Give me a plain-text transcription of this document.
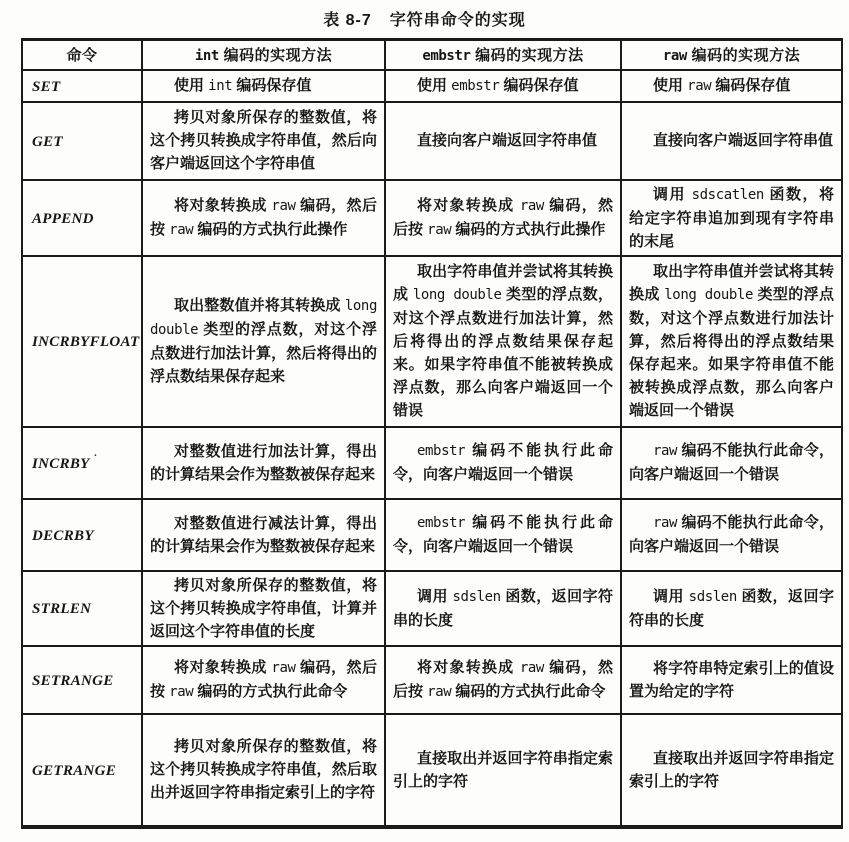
表 8-7 字符串命令的实现
命令	int 编码的实现方法	embstr 编码的实现方法	raw 编码的实现方法
SET	使用 int 编码保存值	使用 embstr 编码保存值	使用 raw 编码保存值

GET	拷贝对象所保存的整数值，将这个拷贝转换成字符串值，然后向客户端返回这个字符串值	直接向客户端返回字符串值	直接向客户端返回字符串值

APPEND	将对象转换成 raw 编码，然后按 raw 编码的方式执行此操作	将对象转换成 raw 编码，然后按 raw 编码的方式执行此操作	调用 sdscatlen 函数，将给定字符串追加到现有字符串的末尾

INCRBYFLOAT	取出整数值并将其转换成 long double 类型的浮点数，对这个浮点数进行加法计算，然后将得出的浮点数结果保存起来	取出字符串值并尝试将其转换成 long double 类型的浮点数，对这个浮点数进行加法计算，然后将得出的浮点数结果保存起来。如果字符串值不能被转换成浮点数，那么向客户端返回一个错误	取出字符串值并尝试将其转换成 long double 类型的浮点数，对这个浮点数进行加法计算，然后将得出的浮点数结果保存起来。如果字符串值不能被转换成浮点数，那么向客户端返回一个错误

INCRBY ˙	对整数值进行加法计算，得出的计算结果会作为整数被保存起来	embstr 编码不能执行此命令，向客户端返回一个错误	raw 编码不能执行此命令，向客户端返回一个错误

DECRBY	对整数值进行减法计算，得出的计算结果会作为整数被保存起来	embstr 编码不能执行此命令，向客户端返回一个错误	raw 编码不能执行此命令，向客户端返回一个错误

STRLEN	拷贝对象所保存的整数值，将这个拷贝转换成字符串值，计算并返回这个字符串值的长度	调用 sdslen 函数，返回字符串的长度	调用 sdslen 函数，返回字符串的长度

SETRANGE	将对象转换成 raw 编码，然后按 raw 编码的方式执行此命令	将对象转换成 raw 编码，然后按 raw 编码的方式执行此命令	将字符串特定索引上的值设置为给定的字符

GETRANGE	拷贝对象所保存的整数值，将这个拷贝转换成字符串值，然后取出并返回字符串指定索引上的字符	直接取出并返回字符串指定索引上的字符	直接取出并返回字符串指定索引上的字符
